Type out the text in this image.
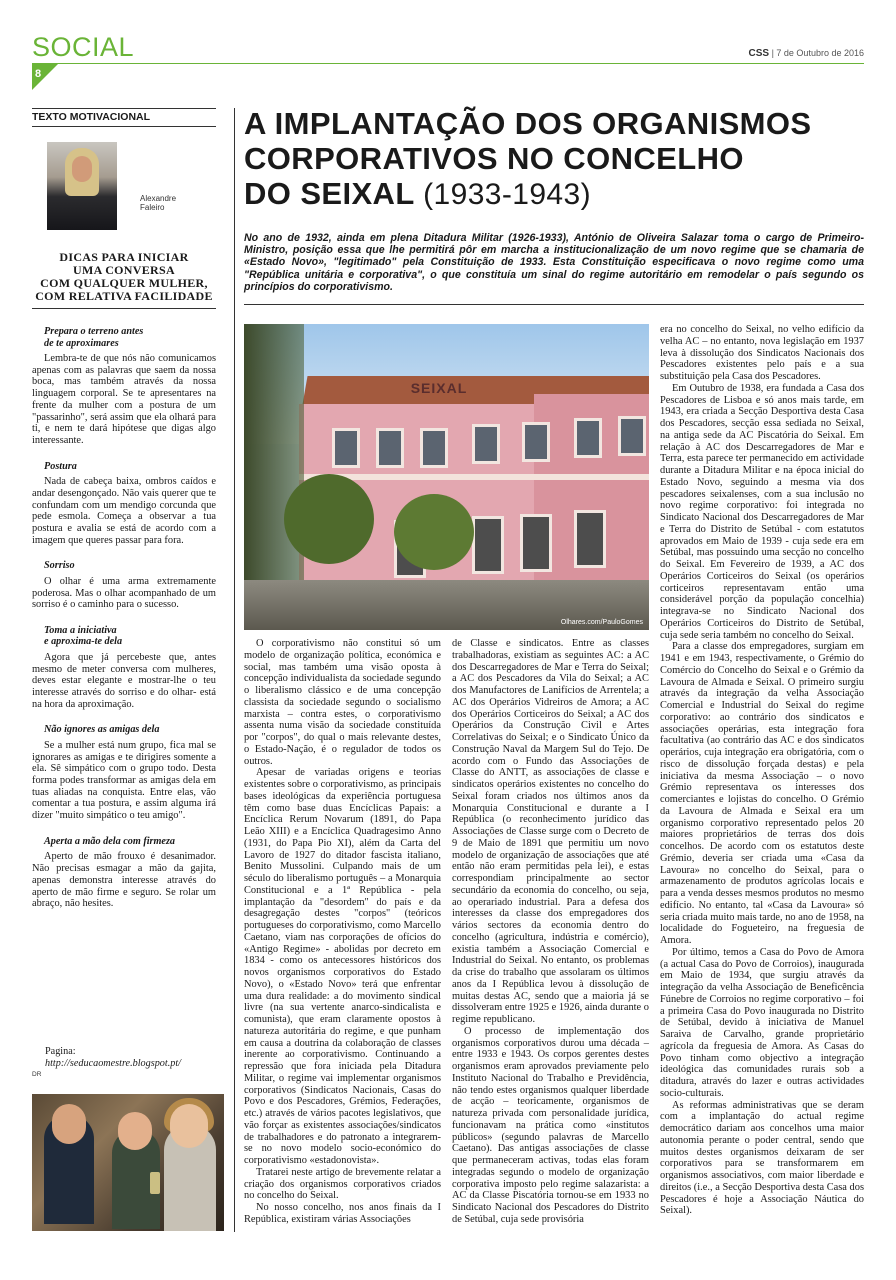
SOCIAL	CSS | 7 de Outubro de 2016
8
TEXTO MOTIVACIONAL
Alexandre
Faleiro
DICAS PARA INICIAR
UMA CONVERSA
COM QUALQUER MULHER,
COM RELATIVA FACILIDADE
Prepara o terreno antes
de te aproximares

Lembra-te de que nós não comunicamos apenas com as palavras que saem da nossa boca, mas também através da nossa linguagem corporal. Se te apresentares na frente da mulher com a postura de um "passarinho", será assim que ela olhará para ti, e nem te dará hipótese que digas algo interessante.

Postura

Nada de cabeça baixa, ombros caídos e andar desengonçado. Não vais querer que te confundam com um mendigo corcunda que pede esmola. Começa a observar a tua postura e avalia se está de acordo com a imagem que queres passar para fora.

Sorriso

O olhar é uma arma extremamente poderosa. Mas o olhar acompanhado de um sorriso é o caminho para o sucesso.

Toma a iniciativa
e aproxima-te dela

Agora que já percebeste que, antes mesmo de meter conversa com mulheres, deves estar elegante e mostrar-lhe o teu interesse através do sorriso e do olhar- está na hora da aproximação.

Não ignores as amigas dela

Se a mulher está num grupo, fica mal se ignorares as amigas e te dirigires somente a ela. Sê simpático com o grupo todo. Desta forma podes transformar as amigas dela em tuas aliadas na conquista. Entre elas, vão comentar a tua postura, e assim alguma irá dizer "muito simpático o teu amigo".

Aperta a mão dela com firmeza

Aperto de mão frouxo é desanimador. Não precisas esmagar a mão da gajita, apenas demonstra interesse através do aperto de mão firme e seguro. Se rolar um abraço, não hesites.

Pagina:
http://seducaomestre.blogspot.pt/
DR
A IMPLANTAÇÃO DOS ORGANISMOS
CORPORATIVOS NO CONCELHO
DO SEIXAL (1933-1943)
No ano de 1932, ainda em plena Ditadura Militar (1926-1933), António de Oliveira Salazar toma o cargo de Primeiro-Ministro, posição essa que lhe permitirá pôr em marcha a institucionalização de um novo regime que se chamaria de «Estado Novo», "legitimado" pela Constituição de 1933. Esta Constituição especificava o novo regime como uma "República unitária e corporativa", o que constituía um sinal do regime autoritário em remodelar o país segundo os princípios do corporativismo.
SEIXAL
Olhares.com/PauloGomes

O corporativismo não constitui só um modelo de organização política, económica e social, mas também uma visão oposta à concepção individualista da sociedade segundo o liberalismo clássico e de uma concepção classista da sociedade segundo o socialismo marxista – contra estes, o corporativismo assenta numa visão da sociedade constituída por "corpos", do qual o mais relevante destes, o Estado-Nação, é o regulador de todos os outros.

Apesar de variadas origens e teorias existentes sobre o corporativismo, as principais bases ideológicas da experiência portuguesa têm como base duas Encíclicas Papais: a Encíclica Rerum Novarum (1891, do Papa Leão XIII) e a Encíclica Quadragesimo Anno (1931, do Papa Pio XI), além da Carta del Lavoro de 1927 do ditador fascista italiano, Benito Mussolini. Culpando mais de um século do liberalismo português – a Monarquia Constitucional e a 1ª República - pela implantação da "desordem" do país e da desagregação destes "corpos" (teóricos portugueses do corporativismo, como Marcello Caetano, viam nas corporações de ofícios do «Antigo Regime» - abolidas por decreto em 1834 - como os antecessores históricos dos novos organismos corporativos do Estado Novo), o «Estado Novo» terá que enfrentar uma dura realidade: a do movimento sindical livre (na sua vertente anarco-sindicalista e comunista), que eram claramente opostos à natureza autoritária do regime, e que punham em causa a doutrina da colaboração de classes inerente ao corporativismo. Continuando a repressão que fora iniciada pela Ditadura Militar, o regime vai implementar organismos corporativos (Sindicatos Nacionais, Casas do Povo e dos Pescadores, Grémios, Federações, etc.) através de vários pacotes legislativos, que vão forçar as existentes associações/sindicatos de trabalhadores e do patronato a integrarem-se no novo modelo socio-económico do corporativismo «estadonovista».

Tratarei neste artigo de brevemente relatar a criação dos organismos corporativos criados no concelho do Seixal.

No nosso concelho, nos anos finais da I República, existiram várias Associações

de Classe e sindicatos. Entre as classes trabalhadoras, existiam as seguintes AC: a AC dos Descarregadores de Mar e Terra do Seixal; a AC dos Pescadores da Vila do Seixal; a AC dos Manufactores de Lanifícios de Arrentela; a AC dos Operários Vidreiros de Amora; a AC dos Operários Corticeiros do Seixal; a AC dos Operários da Construção Civil e Artes Correlativas do Seixal; e o Sindicato Único da Construção Naval da Margem Sul do Tejo. De acordo com o Fundo das Associações de Classe do ANTT, as associações de classe e sindicatos operários existentes no concelho do Seixal foram criados nos últimos anos da Monarquia Constitucional e durante a I República (o reconhecimento jurídico das Associações de Classe surge com o Decreto de 9 de Maio de 1891 que permitiu um novo modelo de organização de associações que até então não eram permitidas pela lei), e estas correspondiam principalmente ao sector secundário da economia do concelho, ou seja, ao operariado industrial. Para a defesa dos interesses da classe dos empregadores dos vários sectores da economia dentro do concelho (agricultura, indústria e comércio), existia também a Associação Comercial e Industrial do Seixal. No entanto, os problemas da crise do trabalho que assolaram os últimos anos da I República levou à dissolução de muitas destas AC, sendo que a maioria já se dissolveram entre 1925 e 1926, ainda durante o regime republicano.

O processo de implementação dos organismos corporativos durou uma década – entre 1933 e 1943. Os corpos gerentes destes organismos eram aprovados previamente pelo Instituto Nacional do Trabalho e Previdência, não tendo estes organismos qualquer liberdade de acção – teoricamente, organismos de natureza privada com personalidade jurídica, funcionavam na prática como «institutos públicos» (segundo palavras de Marcello Caetano). Das antigas associações de classe que permaneceram activas, todas elas foram integradas segundo o modelo de organização corporativa imposto pelo regime salazarista: a AC da Classe Piscatória tornou-se em 1933 no Sindicato Nacional dos Pescadores do Distrito de Setúbal, cuja sede provisória

era no concelho do Seixal, no velho edifício da velha AC – no entanto, nova legislação em 1937 leva à dissolução dos Sindicatos Nacionais dos Pescadores existentes pelo país e a sua substituição pela Casa dos Pescadores.

Em Outubro de 1938, era fundada a Casa dos Pescadores de Lisboa e só anos mais tarde, em 1943, era criada a Secção Desportiva desta Casa dos Pescadores, secção essa sediada no Seixal, na antiga sede da AC Piscatória do Seixal. Em relação à AC dos Descarregadores de Mar e Terra, esta parece ter permanecido em actividade durante a Ditadura Militar e na época inicial do Estado Novo, seguindo a mesma via dos pescadores seixalenses, com a sua inclusão no novo regime corporativo: foi integrada no Sindicato Nacional dos Descarregadores de Mar e Terra do Distrito de Setúbal - com estatutos aprovados em Maio de 1939 - cuja sede era em Setúbal, mas possuindo uma secção no concelho do Seixal. Em Fevereiro de 1939, a AC dos Operários Corticeiros do Seixal (os operários corticeiros representavam então uma considerável porção da população concelhia) integrava-se no Sindicato Nacional dos Operários Corticeiros do Distrito de Setúbal, cuja sede seria também no concelho do Seixal.

Para a classe dos empregadores, surgiam em 1941 e em 1943, respectivamente, o Grémio do Comércio do Concelho do Seixal e o Grémio da Lavoura de Almada e Seixal. O primeiro surgiu através da integração da velha Associação Comercial e Industrial do Seixal do regime corporativo: ao contrário dos sindicatos e associações operárias, esta integração fora facultativa (ao contrário das AC e dos sindicatos operários, cuja integração era obrigatória, com o risco de dissolução forçada destas) e pela iniciativa da mesma Associação – o novo Grémio representava os interesses dos comerciantes e lojistas do concelho. O Grémio da Lavoura de Almada e Seixal era um organismo corporativo representado pelos 20 maiores proprietários de terras dos dois concelhos. De acordo com os estatutos deste Grémio, deveria ser criada uma «Casa da Lavoura» no concelho do Seixal, para o armazenamento de produtos agrícolas locais e para a venda desses mesmos produtos no mesmo edifício. No entanto, tal «Casa da Lavoura» só seria criada muito mais tarde, no ano de 1958, na localidade do Fogueteiro, na freguesia de Amora.

Por último, temos a Casa do Povo de Amora (a actual Casa do Povo de Corroios), inaugurada em Maio de 1934, que surgiu através da integração da velha Associação de Beneficência Fúnebre de Corroios no regime corporativo – foi a primeira Casa do Povo inaugurada no Distrito de Setúbal, devido à iniciativa de Manuel Saraiva de Carvalho, grande proprietário agrícola da freguesia de Amora. As Casas do Povo tinham como objectivo a integração ideológica das comunidades rurais sob a ditadura, através do lazer e outras actividades socio-culturais.

As reformas administrativas que se deram com a implantação do actual regime democrático dariam aos concelhos uma maior autonomia perante o poder central, sendo que muitos destes organismos deixaram de ser corporativos para se transformarem em organismos associativos, com maior liberdade e direitos (i.e., a Secção Desportiva desta Casa dos Pescadores é hoje a Associação Náutica do Seixal).
